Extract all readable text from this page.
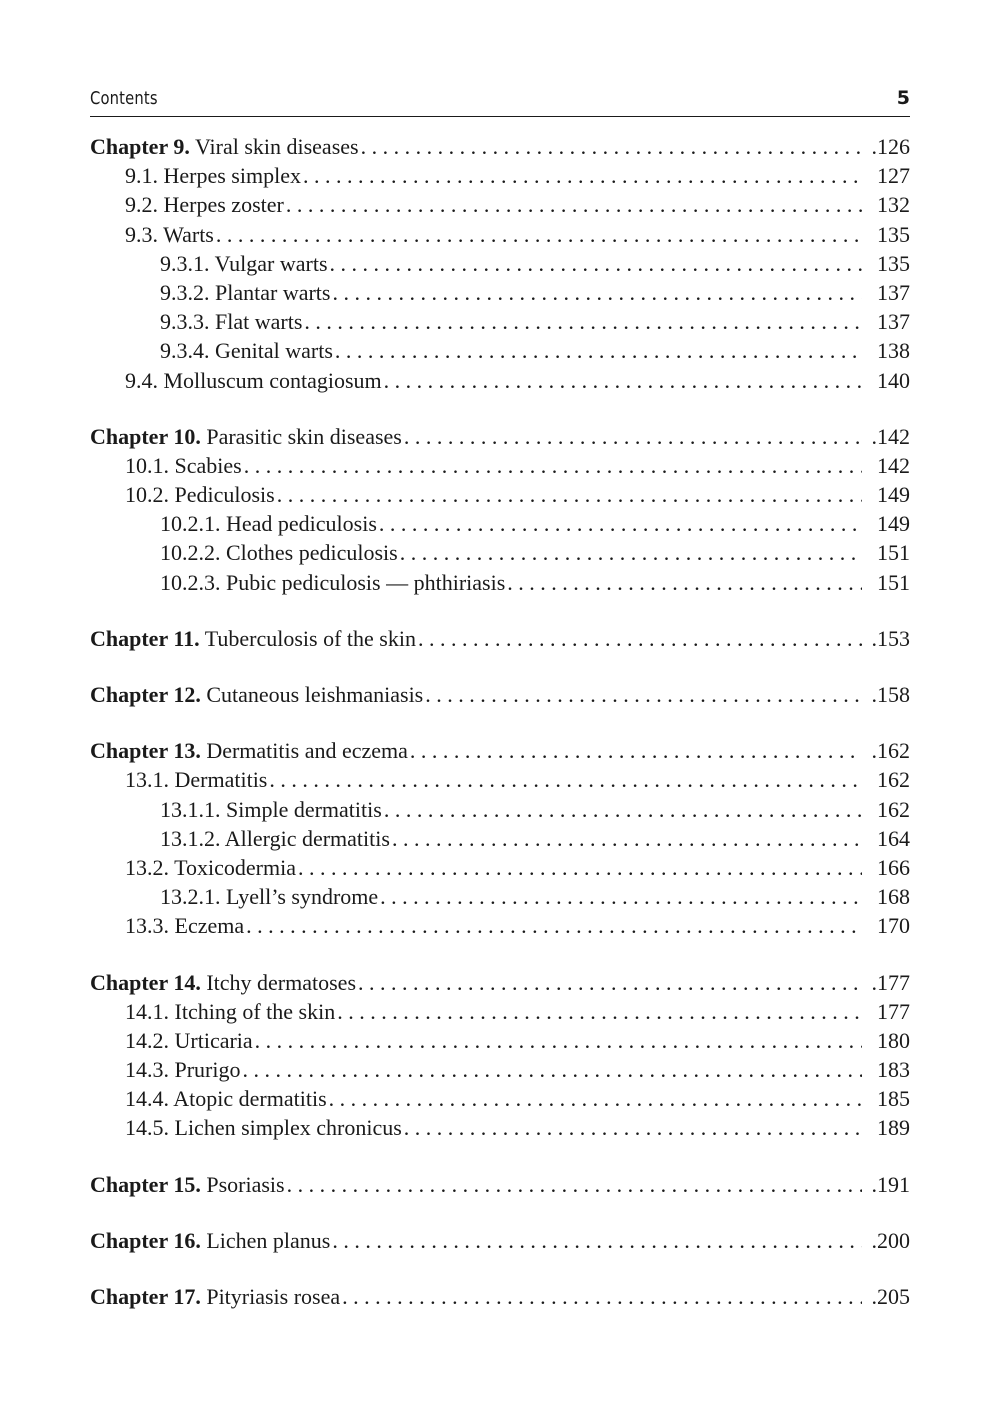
Contents	5
Chapter 9. Viral skin diseases . . .	.126
9.1. Herpes simplex . . .	127
9.2. Herpes zoster . . .	132
9.3. Warts . . .	135
9.3.1. Vulgar warts . . .	135
9.3.2. Plantar warts . . .	137
9.3.3. Flat warts . . .	137
9.3.4. Genital warts . . .	138
9.4. Molluscum contagiosum . . .	140
Chapter 10. Parasitic skin diseases . . .	.142
10.1. Scabies . . .	142
10.2. Pediculosis . . .	149
10.2.1. Head pediculosis . . .	149
10.2.2. Clothes pediculosis . . .	151
10.2.3. Pubic pediculosis — phthiriasis . . .	151
Chapter 11. Tuberculosis of the skin . . .	.153
Chapter 12. Cutaneous leishmaniasis . . .	.158
Chapter 13. Dermatitis and eczema . . .	.162
13.1. Dermatitis . . .	162
13.1.1. Simple dermatitis . . .	162
13.1.2. Allergic dermatitis . . .	164
13.2. Toxicodermia . . .	166
13.2.1. Lyell’s syndrome . . .	168
13.3. Eczema . . .	170
Chapter 14. Itchy dermatoses . . .	.177
14.1. Itching of the skin . . .	177
14.2. Urticaria . . .	180
14.3. Prurigo . . .	183
14.4. Atopic dermatitis . . .	185
14.5. Lichen simplex chronicus . . .	189
Chapter 15. Psoriasis . . .	.191
Chapter 16. Lichen planus . . .	.200
Chapter 17. Pityriasis rosea . . .	.205
